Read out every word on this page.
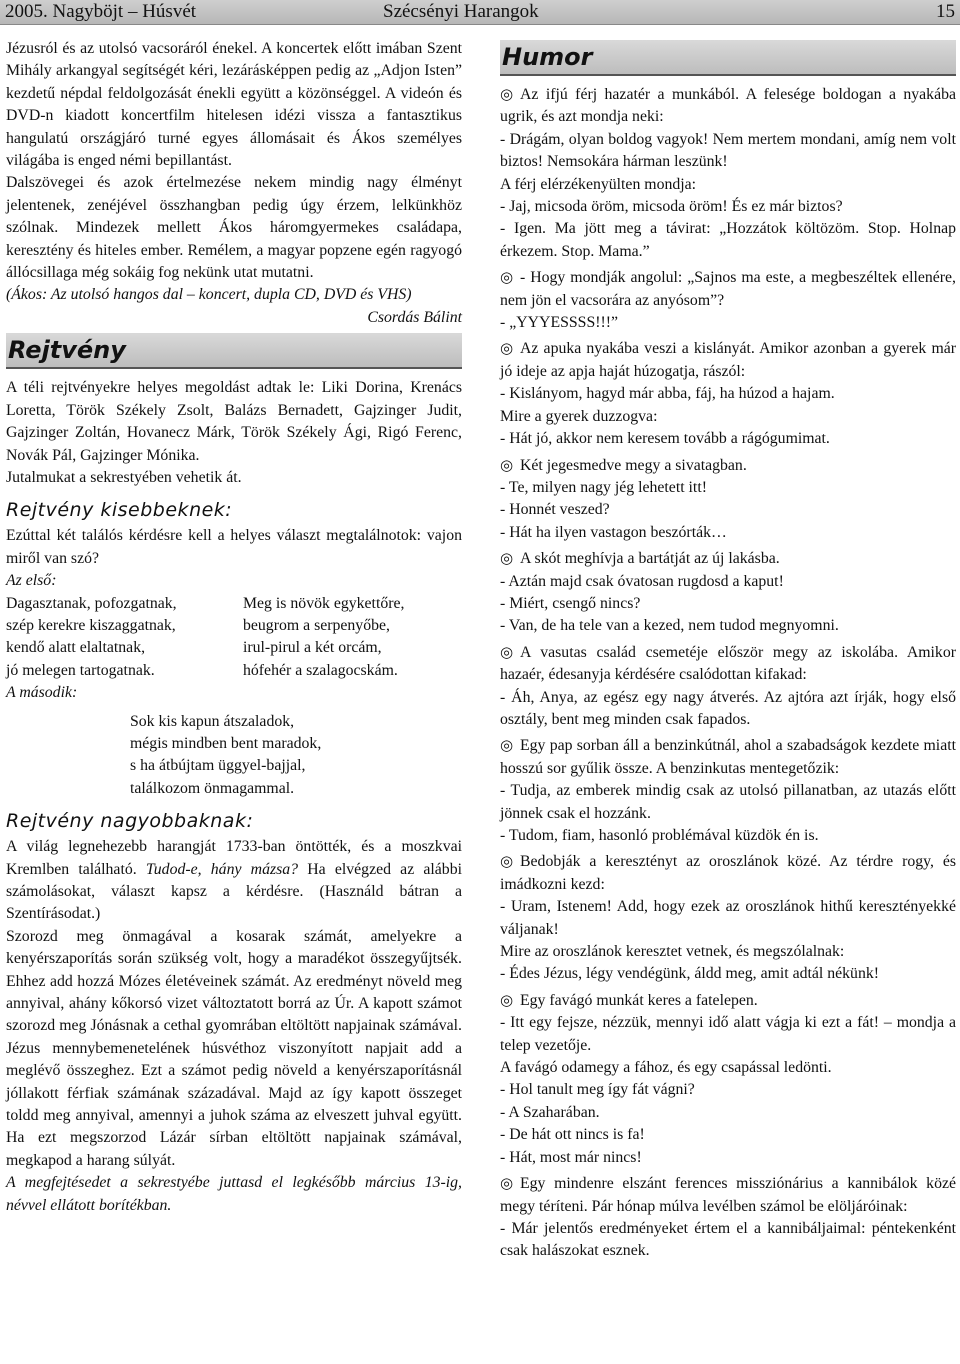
2005. Nagyböjt – Húsvét	Szécsényi Harangok	15

Jézusról és az utolsó vacsoráról énekel. A koncertek előtt imában Szent Mihály arkangyal segítségét kéri, lezárásképpen pedig az „Adjon Isten” kezdetű népdal feldolgozását énekli együtt a közönséggel. A videón és DVD-n kiadott koncertfilm hitelesen idézi vissza a fantasztikus hangulatú országjáró turné egyes állomásait és Ákos személyes világába is enged némi bepillantást.

Dalszövegei és azok értelmezése nekem mindig nagy élményt jelentenek, zenéjével összhangban pedig úgy érzem, lelkünkhöz szólnak. Mindezek mellett Ákos háromgyermekes családapa, keresztény és hiteles ember. Remélem, a magyar popzene egén ragyogó állócsillaga még sokáig fog nekünk utat mutatni.

(Ákos: Az utolsó hangos dal – koncert, dupla CD, DVD és VHS)

Csordás Bálint

Rejtvény

A téli rejtvényekre helyes megoldást adtak le: Liki Dorina, Krenács Loretta, Török Székely Zsolt, Balázs Bernadett, Gajzinger Judit, Gajzinger Zoltán, Hovanecz Márk, Török Székely Ági, Rigó Ferenc, Novák Pál, Gajzinger Mónika.

Jutalmukat a sekrestyében vehetik át.

Rejtvény kisebbeknek:

Ezúttal két találós kérdésre kell a helyes választ megtalálnotok: vajon miről van szó?

Az első:

Dagasztanak, pofozgatnak,
szép kerekre kiszaggatnak,
kendő alatt elaltatnak,
jó melegen tartogatnak.
Meg is növök egykettőre,
beugrom a serpenyőbe,
irul-pirul a két orcám,
hófehér a szalagocskám.

A második:

Sok kis kapun átszaladok,
mégis mindben bent maradok,
s ha átbújtam üggyel-bajjal,
találkozom önmagammal.
Rejtvény nagyobbaknak:

A világ legnehezebb harangját 1733-ban öntötték, és a moszkvai Kremlben található. Tudod-e, hány mázsa? Ha elvégzed az alábbi számolásokat, választ kapsz a kérdésre. (Használd bátran a Szentírásodat.)

Szorozd meg önmagával a kosarak számát, amelyekre a kenyérszaporítás során szükség volt, hogy a maradékot összegyűjtsék. Ehhez add hozzá Mózes életéveinek számát. Az eredményt növeld meg annyival, ahány kőkorsó vizet változtatott borrá az Úr. A kapott számot szorozd meg Jónásnak a cethal gyomrában eltöltött napjainak számával. Jézus mennybemenetelének húsvéthoz viszonyított napjait add a meglévő összeghez. Ezt a számot pedig növeld a kenyérszaporításnál jóllakott férfiak számának századával. Majd az így kapott összeget toldd meg annyival, amennyi a juhok száma az elveszett juhval együtt. Ha ezt megszorzod Lázár sírban eltöltött napjainak számával, megkapod a harang súlyát.

A megfejtésedet a sekrestyébe juttasd el legkésőbb március 13-ig, névvel ellátott borítékban.

Humor

◎ Az ifjú férj hazatér a munkából. A felesége boldogan a nyakába ugrik, és azt mondja neki:

- Drágám, olyan boldog vagyok! Nem mertem mondani, amíg nem volt biztos! Nemsokára hárman leszünk!

A férj elérzékenyülten mondja:

- Jaj, micsoda öröm, micsoda öröm! És ez már biztos?

- Igen. Ma jött meg a távirat: „Hozzátok költözöm. Stop. Holnap érkezem. Stop. Mama.”

◎ - Hogy mondják angolul: „Sajnos ma este, a megbeszéltek ellenére, nem jön el vacsorára az anyósom”?

- „YYYESSSS!!!”

◎ Az apuka nyakába veszi a kislányát. Amikor azonban a gyerek már jó ideje az apja haját húzogatja, rászól:

- Kislányom, hagyd már abba, fáj, ha húzod a hajam.

Mire a gyerek duzzogva:

- Hát jó, akkor nem keresem tovább a rágógumimat.

◎ Két jegesmedve megy a sivatagban.

- Te, milyen nagy jég lehetett itt!

- Honnét veszed?

- Hát ha ilyen vastagon beszórták…

◎ A skót meghívja a bartátját az új lakásba.

- Aztán majd csak óvatosan rugdosd a kaput!

- Miért, csengő nincs?

- Van, de ha tele van a kezed, nem tudod megnyomni.

◎ A vasutas család csemetéje először megy az iskolába. Amikor hazaér, édesanyja kérdésére csalódottan kifakad:

- Áh, Anya, az egész egy nagy átverés. Az ajtóra azt írják, hogy első osztály, bent meg minden csak fapados.

◎ Egy pap sorban áll a benzinkútnál, ahol a szabadságok kezdete miatt hosszú sor gyűlik össze. A benzinkutas mentegetőzik:

- Tudja, az emberek mindig csak az utolsó pillanatban, az utazás előtt jönnek csak el hozzánk.

- Tudom, fiam, hasonló problémával küzdök én is.

◎ Bedobják a keresztényt az oroszlánok közé. Az térdre rogy, és imádkozni kezd:

- Uram, Istenem! Add, hogy ezek az oroszlánok hithű keresztényekké váljanak!

Mire az oroszlánok keresztet vetnek, és megszólalnak:

- Édes Jézus, légy vendégünk, áldd meg, amit adtál nékünk!

◎ Egy favágó munkát keres a fatelepen.

- Itt egy fejsze, nézzük, mennyi idő alatt vágja ki ezt a fát! – mondja a telep vezetője.

A favágó odamegy a fához, és egy csapással ledönti.

- Hol tanult meg így fát vágni?

- A Szaharában.

- De hát ott nincs is fa!

- Hát, most már nincs!

◎ Egy mindenre elszánt ferences missziónárius a kannibálok közé megy téríteni. Pár hónap múlva levélben számol be elöljáróinak:

- Már jelentős eredményeket értem el a kannibáljaimal: péntekenként csak halászokat esznek.
